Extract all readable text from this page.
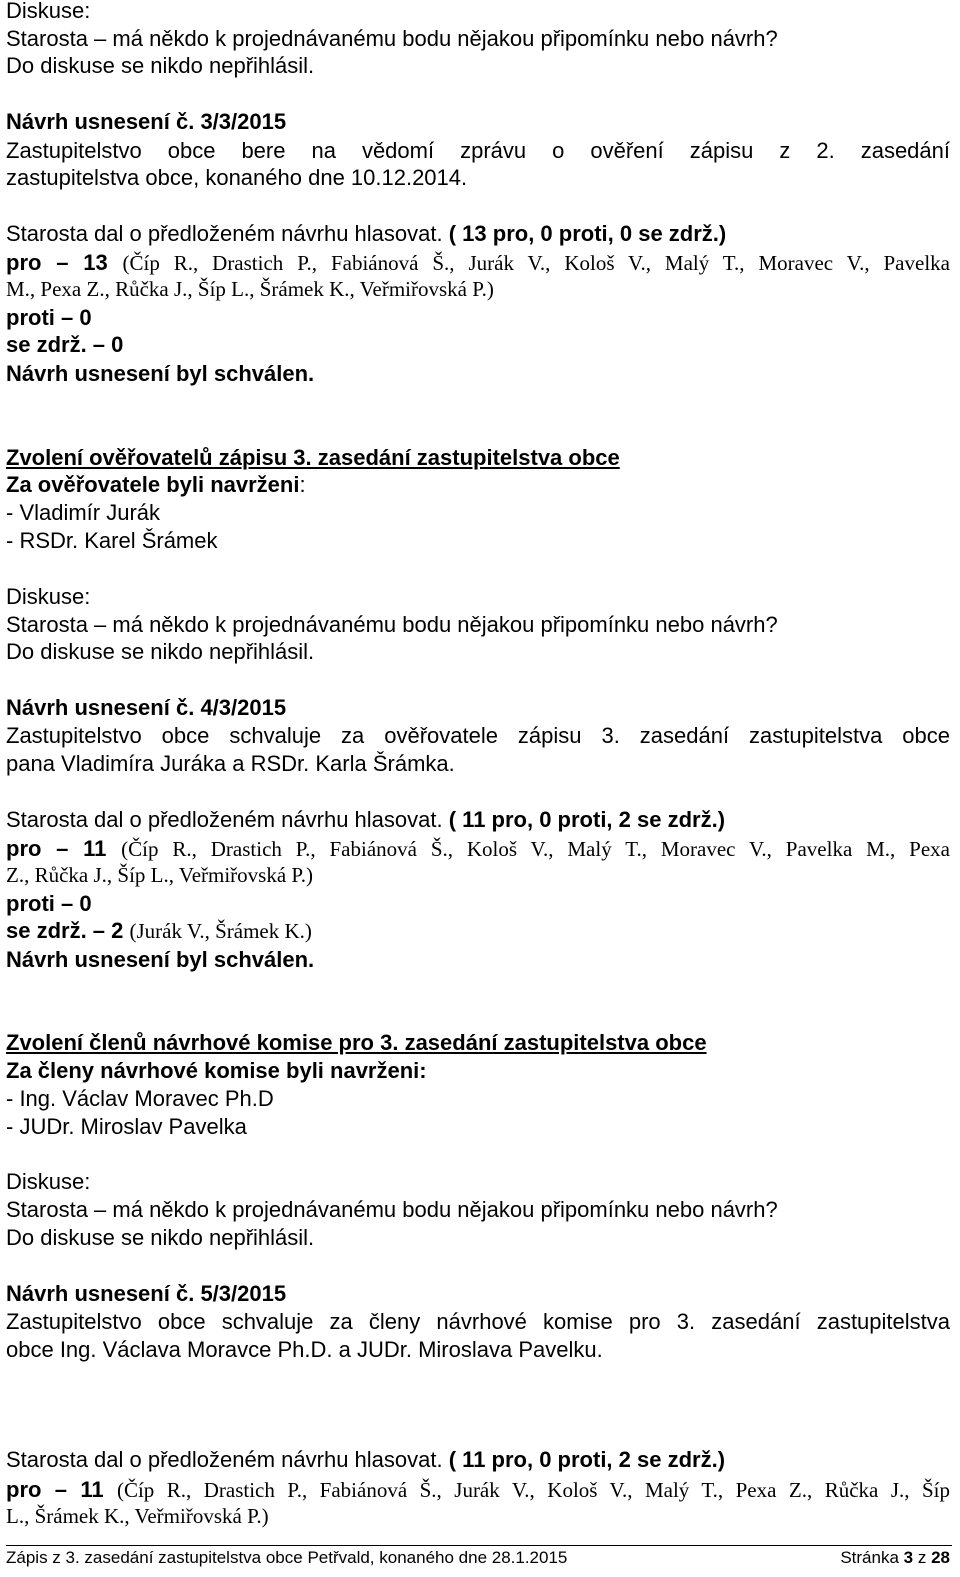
Diskuse:
Starosta – má někdo k projednávanému bodu nějakou připomínku nebo návrh?
Do diskuse se nikdo nepřihlásil.
Návrh usnesení č. 3/3/2015
Zastupitelstvo obce bere na vědomí zprávu o ověření zápisu z 2. zasedání
zastupitelstva obce, konaného dne 10.12.2014.
Starosta dal o předloženém návrhu hlasovat. ( 13 pro, 0 proti, 0 se zdrž.)
pro – 13 (Číp R., Drastich P., Fabiánová Š., Jurák V., Kološ V., Malý T., Moravec V., Pavelka
M., Pexa Z., Růčka J., Šíp L., Šrámek K., Veřmiřovská P.)
proti – 0
se zdrž. – 0
Návrh usnesení byl schválen.
Zvolení ověřovatelů zápisu 3. zasedání zastupitelstva obce
Za ověřovatele byli navrženi:
- Vladimír Jurák
- RSDr. Karel Šrámek
Diskuse:
Starosta – má někdo k projednávanému bodu nějakou připomínku nebo návrh?
Do diskuse se nikdo nepřihlásil.
Návrh usnesení č. 4/3/2015
Zastupitelstvo obce schvaluje za ověřovatele zápisu 3. zasedání zastupitelstva obce
pana Vladimíra Juráka a RSDr. Karla Šrámka.
Starosta dal o předloženém návrhu hlasovat. ( 11 pro, 0 proti, 2 se zdrž.)
pro – 11 (Číp R., Drastich P., Fabiánová Š., Kološ V., Malý T., Moravec V., Pavelka M., Pexa
Z., Růčka J., Šíp L., Veřmiřovská P.)
proti – 0
se zdrž. – 2 (Jurák V., Šrámek K.)
Návrh usnesení byl schválen.
Zvolení členů návrhové komise pro 3. zasedání zastupitelstva obce
Za členy návrhové komise byli navrženi:
- Ing. Václav Moravec Ph.D
- JUDr. Miroslav Pavelka
Diskuse:
Starosta – má někdo k projednávanému bodu nějakou připomínku nebo návrh?
Do diskuse se nikdo nepřihlásil.
Návrh usnesení č. 5/3/2015
Zastupitelstvo obce schvaluje za členy návrhové komise pro 3. zasedání zastupitelstva
obce Ing. Václava Moravce Ph.D. a JUDr. Miroslava Pavelku.
Starosta dal o předloženém návrhu hlasovat. ( 11 pro, 0 proti, 2 se zdrž.)
pro – 11 (Číp R., Drastich P., Fabiánová Š., Jurák V., Kološ V., Malý T., Pexa Z., Růčka J., Šíp
L., Šrámek K., Veřmiřovská P.)
Zápis z 3. zasedání zastupitelstva obce Petřvald, konaného dne 28.1.2015	Stránka 3 z 28
